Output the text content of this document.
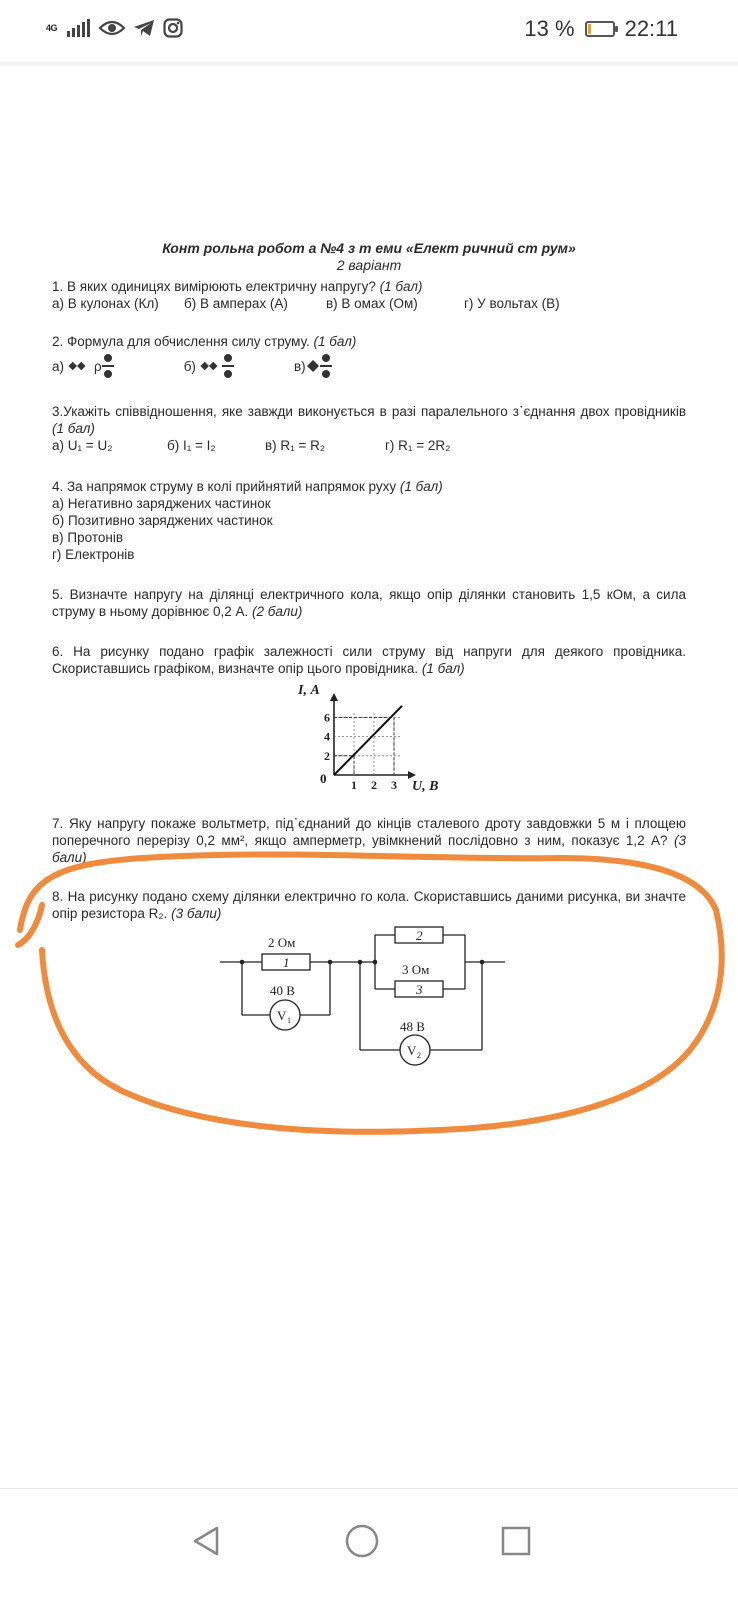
4G	13 % 22:11

Конт рольна робот а №4 з т еми «Елект ричний ст рум»

2 варіант

1. В яких одиницях вимірюють електричну напругу? (1 бал)

а) В кулонах (Кл)	б) В амперах (А)	в) В омах (Ом)	г) У вольтах (В)

2. Формула для обчислення силу струму. (1 бал)

а) ρ	б)	в)

3.Укажіть співвідношення, яке завжди виконується в разі паралельного з᾽єднання двох провідників (1 бал)

а) U₁ = U₂	б) I₁ = I₂	в) R₁ = R₂	г) R₁ = 2R₂

4. За напрямок струму в колі прийнятий напрямок руху (1 бал)

а) Негативно заряджених частинок

б) Позитивно заряджених частинок

в) Протонів

г) Електронів

5. Визначте напругу на ділянці електричного кола, якщо опір ділянки становить 1,5 кОм, а сила струму в ньому дорівнює 0,2 А. (2 бали)

6. На рисунку подано графік залежності сили струму від напруги для деякого провідника. Скориставшись графіком, визначте опір цього провідника. (1 бал)

2
4
6
1 2 3
I, А
U, В
0

7. Яку напругу покаже вольтметр, під᾽єднаний до кінців сталевого дроту завдовжки 5 м і площею поперечного перерізу 0,2 мм², якщо амперметр, увімкнений послідовно з ним, показує 1,2 А? (3 бали)

8. На рисунку подано схему ділянки електрично го кола. Скориставшись даними рисунка, ви значте опір резистора R₂. (3 бали)

2 Ом
1
40 В
V 1
2
3 Ом
3
48 В
V 2
